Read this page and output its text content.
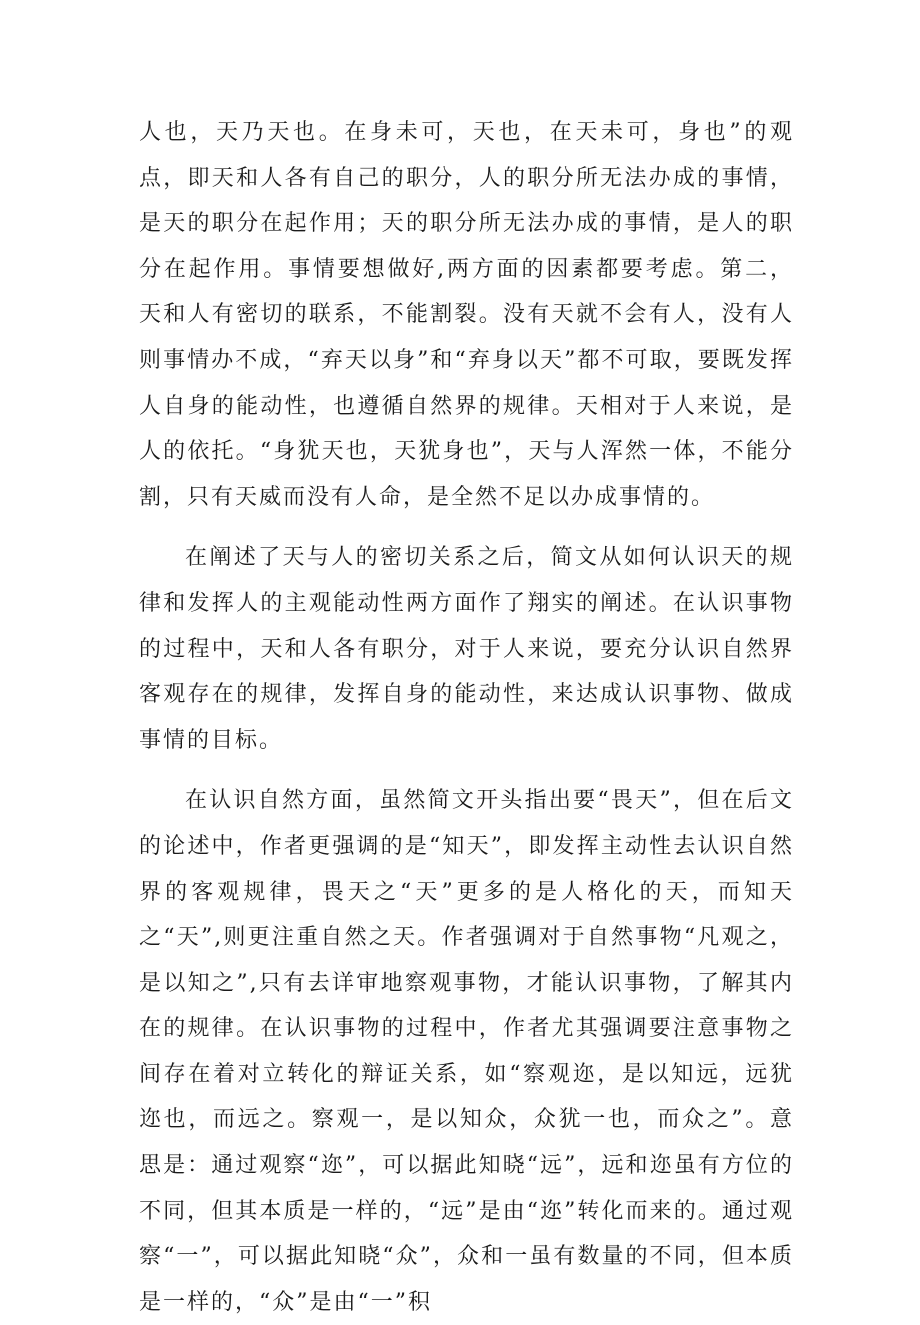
人也，天乃天也。在身未可，天也，在天未可，身也”的观点，即天和人各有自己的职分，人的职分所无法办成的事情，是天的职分在起作用；天的职分所无法办成的事情，是人的职分在起作用。事情要想做好,两方面的因素都要考虑。第二，天和人有密切的联系，不能割裂。没有天就不会有人，没有人则事情办不成，“弃天以身”和“弃身以天”都不可取，要既发挥人自身的能动性，也遵循自然界的规律。天相对于人来说，是人的依托。“身犹天也，天犹身也”，天与人浑然一体，不能分割，只有天威而没有人命，是全然不足以办成事情的。

在阐述了天与人的密切关系之后，简文从如何认识天的规律和发挥人的主观能动性两方面作了翔实的阐述。在认识事物的过程中，天和人各有职分，对于人来说，要充分认识自然界客观存在的规律，发挥自身的能动性，来达成认识事物、做成事情的目标。

在认识自然方面，虽然简文开头指出要“畏天”，但在后文的论述中，作者更强调的是“知天”，即发挥主动性去认识自然界的客观规律，畏天之“天”更多的是人格化的天，而知天之“天”,则更注重自然之天。作者强调对于自然事物“凡观之，是以知之”,只有去详审地察观事物，才能认识事物，了解其内在的规律。在认识事物的过程中，作者尤其强调要注意事物之间存在着对立转化的辩证关系，如“察观迩，是以知远，远犹迩也，而远之。察观一，是以知众，众犹一也，而众之”。意思是：通过观察“迩”，可以据此知晓“远”，远和迩虽有方位的不同，但其本质是一样的，“远”是由“迩”转化而来的。通过观察“一”，可以据此知晓“众”，众和一虽有数量的不同，但本质是一样的，“众”是由“一”积
